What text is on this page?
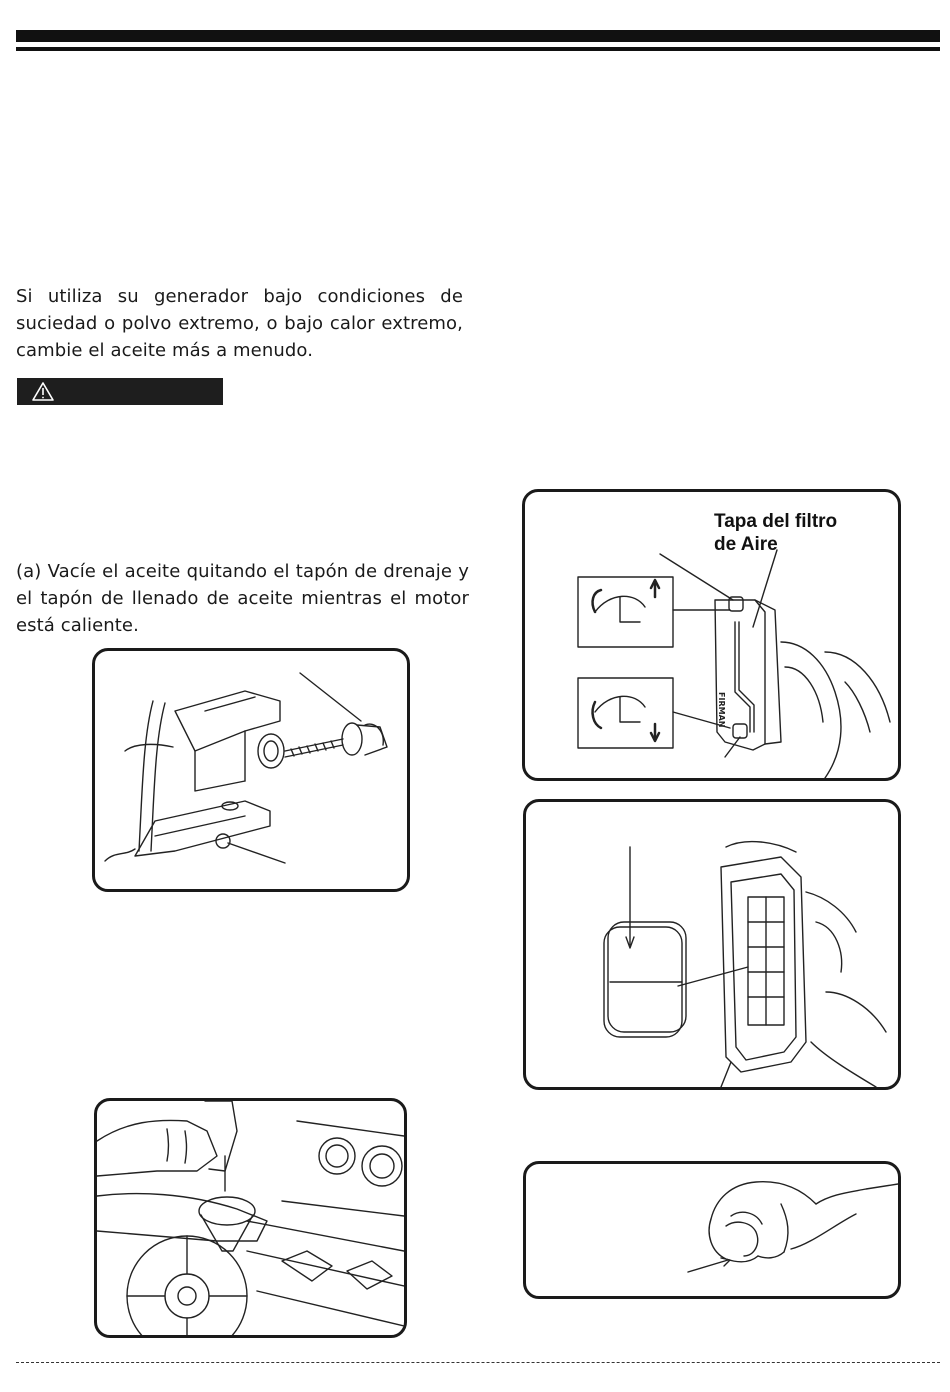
Si utiliza su generador bajo condiciones de suciedad o polvo extremo, o bajo calor extremo, cambie el aceite más a menudo.
(a) Vacíe el aceite quitando el tapón de drenaje y el tapón de llenado de aceite mientras el motor está caliente.
FIRMAN
Tapa del filtro
de Aire
